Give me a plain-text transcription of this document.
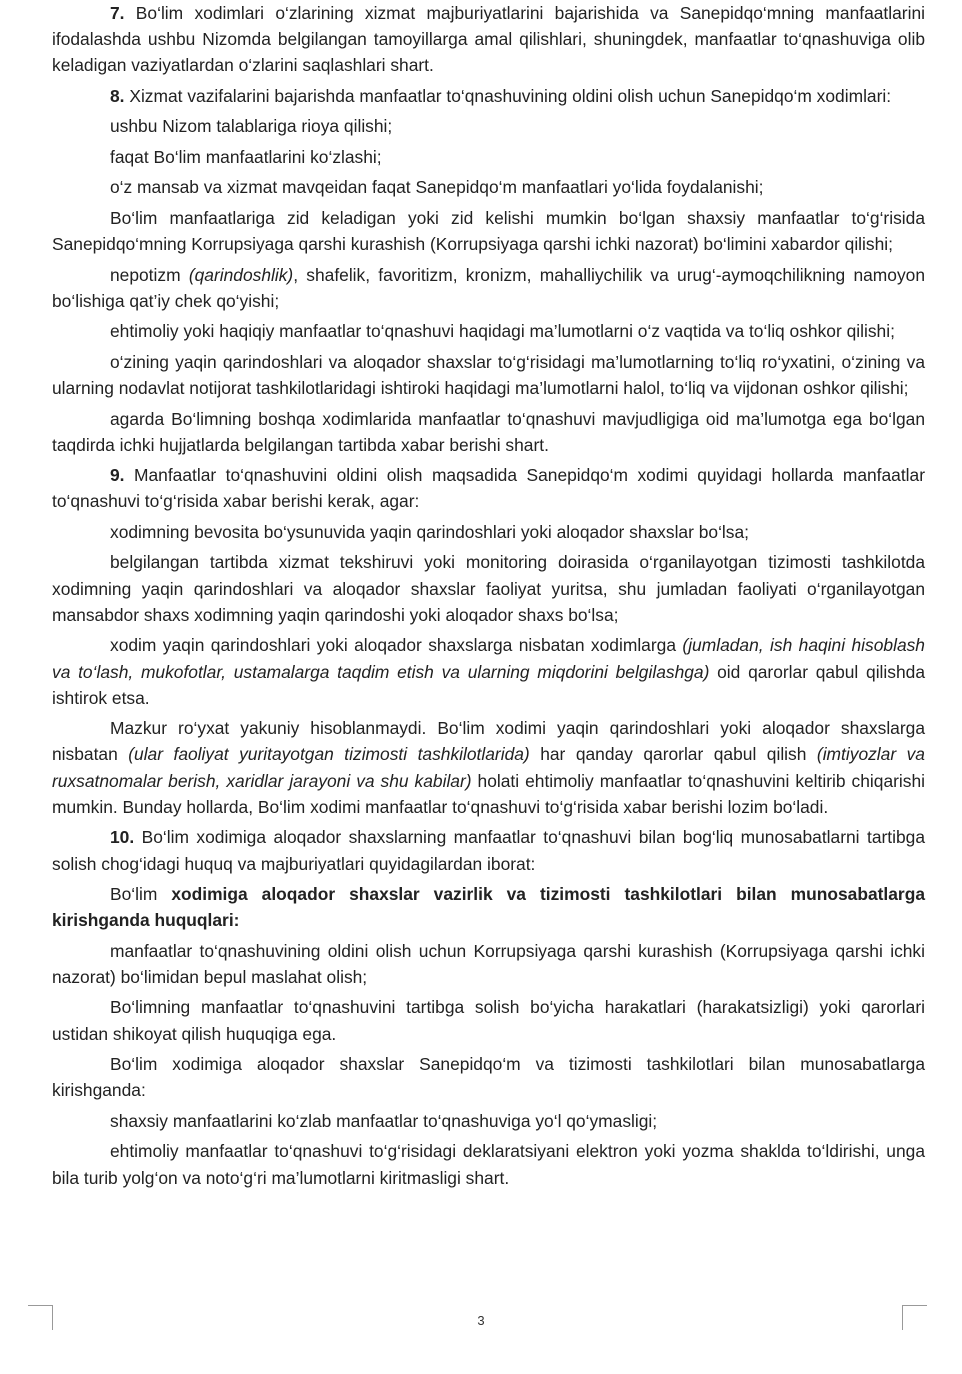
7. Bo‘lim xodimlari o‘zlarining xizmat majburiyatlarini bajarishida va Sanepidqo‘mning manfaatlarini ifodalashda ushbu Nizomda belgilangan tamoyillarga amal qilishlari, shuningdek, manfaatlar to‘qnashuviga olib keladigan vaziyatlardan o‘zlarini saqlashlari shart.

8. Xizmat vazifalarini bajarishda manfaatlar to‘qnashuvining oldini olish uchun Sanepidqo‘m xodimlari:

ushbu Nizom talablariga rioya qilishi;

faqat Bo‘lim manfaatlarini ko‘zlashi;

o‘z mansab va xizmat mavqeidan faqat Sanepidqo‘m manfaatlari yo‘lida foydalanishi;

Bo‘lim manfaatlariga zid keladigan yoki zid kelishi mumkin bo‘lgan shaxsiy manfaatlar to‘g‘risida Sanepidqo‘mning Korrupsiyaga qarshi kurashish (Korrupsiyaga qarshi ichki nazorat) bo‘limini xabardor qilishi;

nepotizm (qarindoshlik), shafelik, favoritizm, kronizm, mahalliychilik va urug‘-aymoqchilikning namoyon bo‘lishiga qat’iy chek qo‘yishi;

ehtimoliy yoki haqiqiy manfaatlar to‘qnashuvi haqidagi ma’lumotlarni o‘z vaqtida va to‘liq oshkor qilishi;

o‘zining yaqin qarindoshlari va aloqador shaxslar to‘g‘risidagi ma’lumotlarning to‘liq ro‘yxatini, o‘zining va ularning nodavlat notijorat tashkilotlaridagi ishtiroki haqidagi ma’lumotlarni halol, to‘liq va vijdonan oshkor qilishi;

agarda Bo‘limning boshqa xodimlarida manfaatlar to‘qnashuvi mavjudligiga oid ma’lumotga ega bo‘lgan taqdirda ichki hujjatlarda belgilangan tartibda xabar berishi shart.

9. Manfaatlar to‘qnashuvini oldini olish maqsadida Sanepidqo‘m xodimi quyidagi hollarda manfaatlar to‘qnashuvi to‘g‘risida xabar berishi kerak, agar:

xodimning bevosita bo‘ysunuvida yaqin qarindoshlari yoki aloqador shaxslar bo‘lsa;

belgilangan tartibda xizmat tekshiruvi yoki monitoring doirasida o‘rganilayotgan tizimosti tashkilotda xodimning yaqin qarindoshlari va aloqador shaxslar faoliyat yuritsa, shu jumladan faoliyati o‘rganilayotgan mansabdor shaxs xodimning yaqin qarindoshi yoki aloqador shaxs bo‘lsa;

xodim yaqin qarindoshlari yoki aloqador shaxslarga nisbatan xodimlarga (jumladan, ish haqini hisoblash va to‘lash, mukofotlar, ustamalarga taqdim etish va ularning miqdorini belgilashga) oid qarorlar qabul qilishda ishtirok etsa.

Mazkur ro‘yxat yakuniy hisoblanmaydi. Bo‘lim xodimi yaqin qarindoshlari yoki aloqador shaxslarga nisbatan (ular faoliyat yuritayotgan tizimosti tashkilotlarida) har qanday qarorlar qabul qilish (imtiyozlar va ruxsatnomalar berish, xaridlar jarayoni va shu kabilar) holati ehtimoliy manfaatlar to‘qnashuvini keltirib chiqarishi mumkin. Bunday hollarda, Bo‘lim xodimi manfaatlar to‘qnashuvi to‘g‘risida xabar berishi lozim bo‘ladi.

10. Bo‘lim xodimiga aloqador shaxslarning manfaatlar to‘qnashuvi bilan bog‘liq munosabatlarni tartibga solish chog‘idagi huquq va majburiyatlari quyidagilardan iborat:

Bo‘lim xodimiga aloqador shaxslar vazirlik va tizimosti tashkilotlari bilan munosabatlarga kirishganda huquqlari:

manfaatlar to‘qnashuvining oldini olish uchun Korrupsiyaga qarshi kurashish (Korrupsiyaga qarshi ichki nazorat) bo‘limidan bepul maslahat olish;

Bo‘limning manfaatlar to‘qnashuvini tartibga solish bo‘yicha harakatlari (harakatsizligi) yoki qarorlari ustidan shikoyat qilish huquqiga ega.

Bo‘lim xodimiga aloqador shaxslar Sanepidqo‘m va tizimosti tashkilotlari bilan munosabatlarga kirishganda:

shaxsiy manfaatlarini ko‘zlab manfaatlar to‘qnashuviga yo‘l qo‘ymasligi;

ehtimoliy manfaatlar to‘qnashuvi to‘g‘risidagi deklaratsiyani elektron yoki yozma shaklda to‘ldirishi, unga bila turib yolg‘on va noto‘g‘ri ma’lumotlarni kiritmasligi shart.

3
